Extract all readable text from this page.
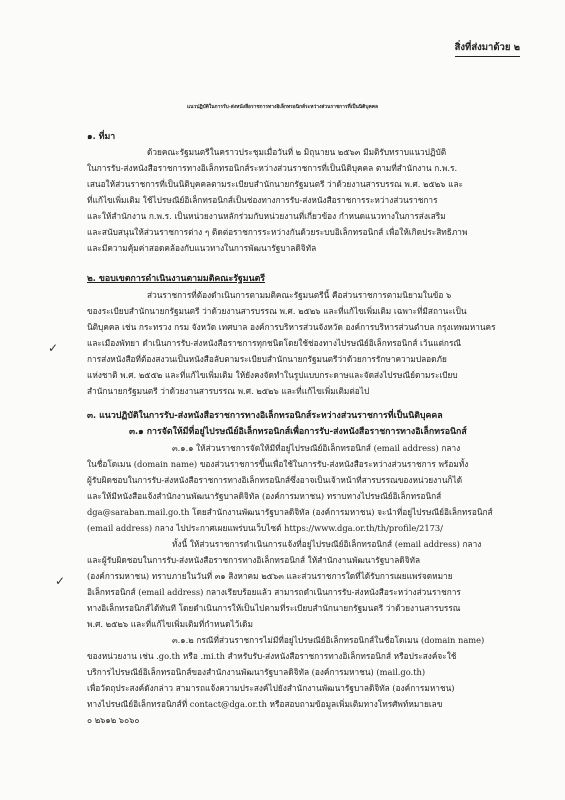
สิ่งที่ส่งมาด้วย ๒
แนวปฏิบัติในการรับ-ส่งหนังสือราชการทางอิเล็กทรอนิกส์ระหว่างส่วนราชการที่เป็นนิติบุคคล
๑. ที่มา
ด้วยคณะรัฐมนตรีในคราวประชุมเมื่อวันที่ ๒ มิถุนายน ๒๕๖๓ มีมติรับทราบแนวปฏิบัติ
ในการรับ-ส่งหนังสือราชการทางอิเล็กทรอนิกส์ระหว่างส่วนราชการที่เป็นนิติบุคคล ตามที่สำนักงาน ก.พ.ร.
เสนอให้ส่วนราชการที่เป็นนิติบุคคลตามระเบียบสำนักนายกรัฐมนตรี ว่าด้วยงานสารบรรณ พ.ศ. ๒๕๒๖ และ
ที่แก้ไขเพิ่มเติม ใช้ไปรษณีย์อิเล็กทรอนิกส์เป็นช่องทางการรับ-ส่งหนังสือราชการระหว่างส่วนราชการ
และให้สำนักงาน ก.พ.ร. เป็นหน่วยงานหลักร่วมกับหน่วยงานที่เกี่ยวข้อง กำหนดแนวทางในการส่งเสริม
และสนับสนุนให้ส่วนราชการต่าง ๆ ติดต่อราชการระหว่างกันด้วยระบบอิเล็กทรอนิกส์ เพื่อให้เกิดประสิทธิภาพ
และมีความคุ้มค่าสอดคล้องกับแนวทางในการพัฒนารัฐบาลดิจิทัล
๒. ขอบเขตการดำเนินงานตามมติคณะรัฐมนตรี
ส่วนราชการที่ต้องดำเนินการตามมติคณะรัฐมนตรีนี้ คือส่วนราชการตามนิยามในข้อ ๖
ของระเบียบสำนักนายกรัฐมนตรี ว่าด้วยงานสารบรรณ พ.ศ. ๒๕๒๖ และที่แก้ไขเพิ่มเติม เฉพาะที่มีสถานะเป็น
นิติบุคคล เช่น กระทรวง กรม จังหวัด เทศบาล องค์การบริหารส่วนจังหวัด องค์การบริหารส่วนตำบล กรุงเทพมหานคร
และเมืองพัทยา ดำเนินการรับ-ส่งหนังสือราชการทุกชนิดโดยใช้ช่องทางไปรษณีย์อิเล็กทรอนิกส์ เว้นแต่กรณี
การส่งหนังสือที่ต้องสงวนเป็นหนังสือลับตามระเบียบสำนักนายกรัฐมนตรีว่าด้วยการรักษาความปลอดภัย
แห่งชาติ พ.ศ. ๒๕๕๒ และที่แก้ไขเพิ่มเติม ให้ยังคงจัดทำในรูปแบบกระดาษและจัดส่งไปรษณีย์ตามระเบียบ
สำนักนายกรัฐมนตรี ว่าด้วยงานสารบรรณ พ.ศ. ๒๕๒๖ และที่แก้ไขเพิ่มเติมต่อไป
✓
๓. แนวปฏิบัติในการรับ-ส่งหนังสือราชการทางอิเล็กทรอนิกส์ระหว่างส่วนราชการที่เป็นนิติบุคคล
๓.๑ การจัดให้มีที่อยู่ไปรษณีย์อิเล็กทรอนิกส์เพื่อการรับ-ส่งหนังสือราชการทางอิเล็กทรอนิกส์
๓.๑.๑ ให้ส่วนราชการจัดให้มีที่อยู่ไปรษณีย์อิเล็กทรอนิกส์ (email address) กลาง
ในชื่อโดเมน (domain name) ของส่วนราชการขึ้นเพื่อใช้ในการรับ-ส่งหนังสือระหว่างส่วนราชการ พร้อมทั้ง
ผู้รับผิดชอบในการรับ-ส่งหนังสือราชการทางอิเล็กทรอนิกส์ซึ่งอาจเป็นเจ้าหน้าที่สารบรรณของหน่วยงานก็ได้
และให้มีหนังสือแจ้งสำนักงานพัฒนารัฐบาลดิจิทัล (องค์การมหาชน) ทราบทางไปรษณีย์อิเล็กทรอนิกส์
dga@saraban.mail.go.th โดยสำนักงานพัฒนารัฐบาลดิจิทัล (องค์การมหาชน) จะนำที่อยู่ไปรษณีย์อิเล็กทรอนิกส์
(email address) กลาง ไปประกาศเผยแพร่บนเว็บไซต์ https://www.dga.or.th/th/profile/2173/
ทั้งนี้ ให้ส่วนราชการดำเนินการแจ้งที่อยู่ไปรษณีย์อิเล็กทรอนิกส์ (email address) กลาง
และผู้รับผิดชอบในการรับ-ส่งหนังสือราชการทางอิเล็กทรอนิกส์ ให้สำนักงานพัฒนารัฐบาลดิจิทัล
(องค์การมหาชน) ทราบภายในวันที่ ๓๑ สิงหาคม ๒๕๖๓ และส่วนราชการใดที่ได้รับการเผยแพร่จดหมาย
อิเล็กทรอนิกส์ (email address) กลางเรียบร้อยแล้ว สามารถดำเนินการรับ-ส่งหนังสือระหว่างส่วนราชการ
ทางอิเล็กทรอนิกส์ได้ทันที โดยดำเนินการให้เป็นไปตามที่ระเบียบสำนักนายกรัฐมนตรี ว่าด้วยงานสารบรรณ
พ.ศ. ๒๕๒๖ และที่แก้ไขเพิ่มเติมที่กำหนดไว้เดิม
✓
๓.๑.๒ กรณีที่ส่วนราชการไม่มีที่อยู่ไปรษณีย์อิเล็กทรอนิกส์ในชื่อโดเมน (domain name)
ของหน่วยงาน เช่น .go.th หรือ .mi.th สำหรับรับ-ส่งหนังสือราชการทางอิเล็กทรอนิกส์ หรือประสงค์จะใช้
บริการไปรษณีย์อิเล็กทรอนิกส์ของสำนักงานพัฒนารัฐบาลดิจิทัล (องค์การมหาชน) (mail.go.th)
เพื่อวัตถุประสงค์ดังกล่าว สามารถแจ้งความประสงค์ไปยังสำนักงานพัฒนารัฐบาลดิจิทัล (องค์การมหาชน)
ทางไปรษณีย์อิเล็กทรอนิกส์ที่ contact@dga.or.th หรือสอบถามข้อมูลเพิ่มเติมทางโทรศัพท์หมายเลข
๐ ๒๖๑๒ ๖๐๖๐
